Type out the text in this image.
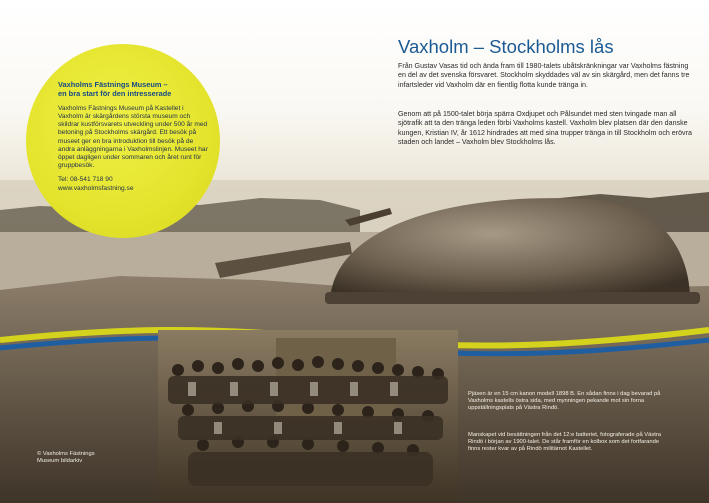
Vaxholm – Stockholms lås

Från Gustav Vasas tid och ända fram till 1980-talets ubåtskränkningar var Vaxholms fästning en del av det svenska försvaret. Stockholm skyddades väl av sin skärgård, men det fanns tre infartsleder vid Vaxholm där en fientlig flotta kunde tränga in.

Genom att på 1500-talet börja spärra Oxdjupet och Pålsundet med sten tvingade man all sjötrafik att ta den tränga leden förbi Vaxholms kastell. Vaxholm blev platsen där den danske kungen, Kristian IV, år 1612 hindrades att med sina trupper tränga in till Stockholm och erövra staden och landet – Vaxholm blev Stockholms lås.

Vaxholms Fästnings Museum –
en bra start för den intresserade

Vaxholms Fästnings Museum på Kastellet i Vaxholm är skärgårdens största museum och skildrar kustförsvarets utveckling under 500 år med betoning på Stockholms skärgård. Ett besök på museet ger en bra introduktion till besök på de andra anläggningarna i Vaxholmslinjen. Museet har öppet dagligen under sommaren och året runt för gruppbesök.

Tel: 08-541 718 90
www.vaxholmsfastning.se

Pjäsen är en 15 cm kanon modell 1898 B. En sådan finns i dag bevarad på Vaxholms kastells östra sida, med mynningen pekande mot sin forna uppställningsplats på Västra Rindö.

Manskapet vid besättningen från det 12:e batteriet, fotograferade på Västra Rindö i början av 1900-talet. De står framför en kolbox som det fortfarande finns rester kvar av på Rindö militärnot Kastellet.

© Vaxholms Fästnings
Museum bildarkiv
